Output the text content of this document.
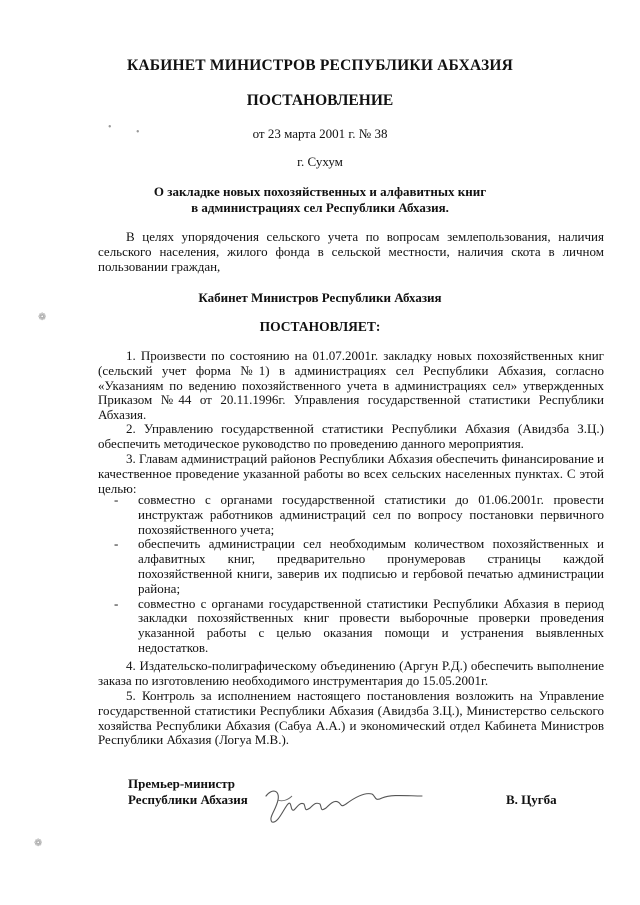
КАБИНЕТ МИНИСТРОВ РЕСПУБЛИКИ АБХАЗИЯ
ПОСТАНОВЛЕНИЕ
от 23 марта 2001 г. № 38
г. Сухум
О закладке новых похозяйственных и алфавитных книг
в администрациях сел Республики Абхазия.
В целях упорядочения сельского учета по вопросам землепользования, наличия сельского населения, жилого фонда в сельской местности, наличия скота в личном пользовании граждан,
Кабинет Министров Республики Абхазия
ПОСТАНОВЛЯЕТ:
1. Произвести по состоянию на 01.07.2001г. закладку новых похозяйственных книг (сельский учет форма №1) в администрациях сел Республики Абхазия, согласно «Указаниям по ведению похозяйственного учета в администрациях сел» утвержденных Приказом №44 от 20.11.1996г. Управления государственной статистики Республики Абхазия.
2. Управлению государственной статистики Республики Абхазия (Авидзба З.Ц.) обеспечить методическое руководство по проведению данного мероприятия.
3. Главам администраций районов Республики Абхазия обеспечить финансирование и качественное проведение указанной работы во всех сельских населенных пунктах. С этой целью:
- совместно с органами государственной статистики до 01.06.2001г. провести инструктаж работников администраций сел по вопросу постановки первичного похозяйственного учета;
- обеспечить администрации сел необходимым количеством похозяйственных и алфавитных книг, предварительно пронумеровав страницы каждой похозяйственной книги, заверив их подписью и гербовой печатью администрации района;
- совместно с органами государственной статистики Республики Абхазия в период закладки похозяйственных книг провести выборочные проверки проведения указанной работы с целью оказания помощи и устранения выявленных недостатков.
4. Издательско-полиграфическому объединению (Аргун Р.Д.) обеспечить выполнение заказа по изготовлению необходимого инструментария до 15.05.2001г.
5. Контроль за исполнением настоящего постановления возложить на Управление государственной статистики Республики Абхазия (Авидзба З.Ц.), Министерство сельского хозяйства Республики Абхазия (Сабуа А.А.) и экономический отдел Кабинета Министров Республики Абхазия (Логуа М.В.).
Премьер-министр
Республики Абхазия	В. Цугба
❁
❁
• •
